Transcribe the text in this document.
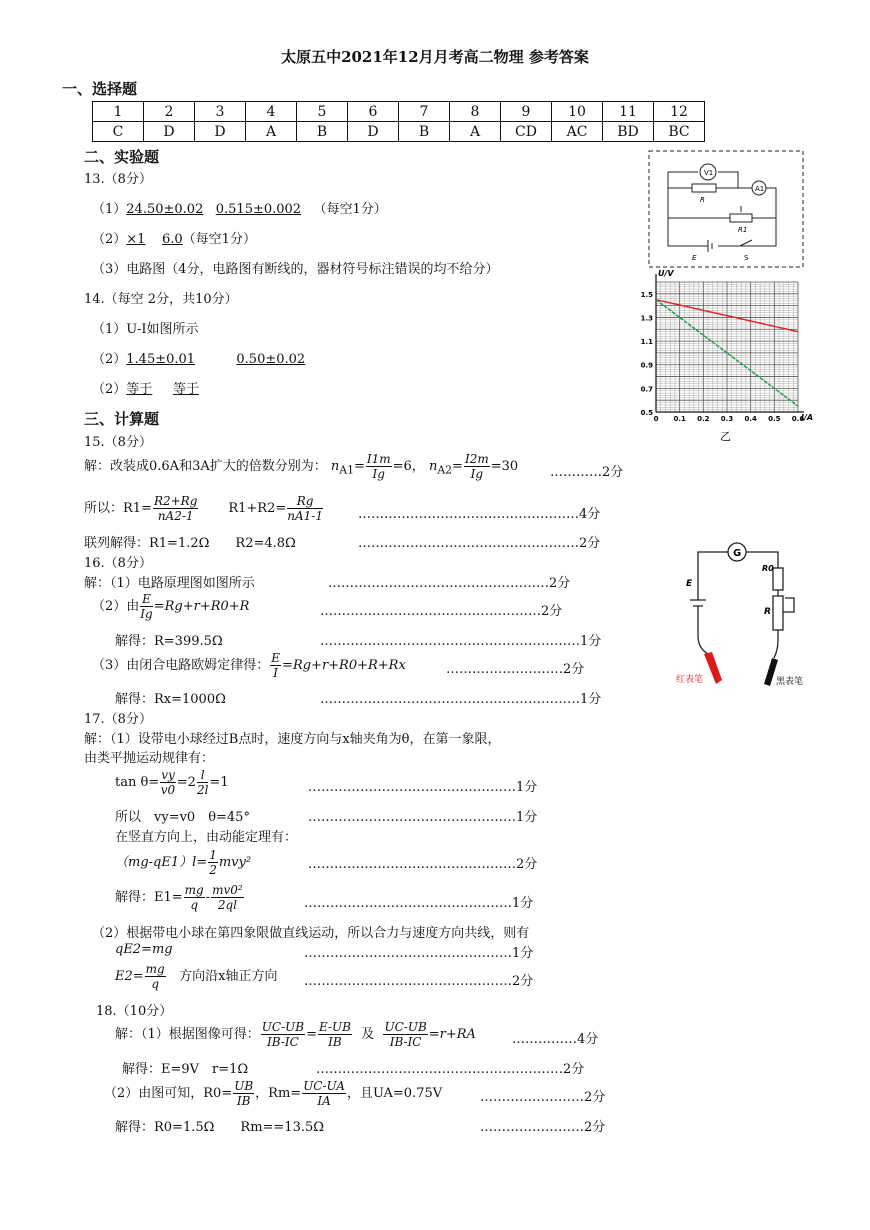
太原五中2021年12月月考高二物理 参考答案
一、选择题
1	2	3	4	5	6	7	8	9	10	11	12
C	D	D	A	B	D	B	A	CD	AC	BD	BC
二、实验题
13.（8分）
（1）24.50±0.02 0.515±0.002 （每空1分）
（2）×1 6.0（每空1分）
（3）电路图（4分，电路图有断线的，器材符号标注错误的均不给分）
14.（每空 2分，共10分）
（1）U-I如图所示
（2）1.45±0.01	0.50±0.02
（2）等于 等于
三、计算题
15.（8分）
解：改装成0.6A和3A扩大的倍数分别为： $n_{A1}= \frac{I1m}{Ig} =6$， $n_{A2}= \frac{I2m}{Ig} =30$ …………2分
所以：$R1= \frac{R2+Rg}{nA2-1} R1+R2= \frac{Rg}{nA1-1}$	……………………………………………4分
联列解得：R1=1.2Ω　　R2=4.8Ω	……………………………………………2分
16.（8分）
解：（1）电路原理图如图所示	……………………………………………2分
（2）由 $\frac{E}{Ig} =Rg+r+R0+R$	……………………………………………2分
解得：R=399.5Ω	……………………………………………………1分
（3）由闭合电路欧姆定律得： $\frac{E}{I} =Rg+r+R0+R+Rx$	………………………2分
解得：Rx=1000Ω	……………………………………………………1分
17.（8分）
解：（1）设带电小球经过B点时，速度方向与x轴夹角为θ，在第一象限，
由类平抛运动规律有：
$\tan \theta= \frac{vy}{v0} =2 \frac{l}{2l} =1$	…………………………………………1分
所以　vy=v0　θ=45°	…………………………………………1分
在竖直方向上，由动能定理有：
$(mg-qE1)l= \frac{1}{2} mvy^2$	…………………………………………2分
解得：$E1= \frac{mg}{q} - \frac{\text{mv0²}}{2ql}$	…………………………………………1分
（2）根据带电小球在第四象限做直线运动，所以合力与速度方向共线，则有
qE2=mg	…………………………………………1分
$E2= \frac{mg}{q}$ 方向沿x轴正方向 …………………………………………2分
18.（10分）
解：（1）根据图像可得： $\frac{UC-UB}{IB-IC} = \frac{E-UB}{IB}$ 及 $\frac{UC-UB}{IB-IC} =r+RA$	……………4分
解得：E=9V　r=1Ω	…………………………………………………2分
（2）由图可知，$R0= \frac{UB}{IB}$ ，$Rm= \frac{UC-UA}{IA}$ ，且UA=0.75V	……………………2分
解得：R0=1.5Ω　　Rm==13.5Ω	……………………2分
V1
R
A1
R1
E	S
1.5
1.3
1.1
0.9
0.7
0.5
0 0.1 0.2 0.3 0.4 0.5 0.6
U/V
I/A
乙
G
R0
E
R
红表笔	黑表笔
